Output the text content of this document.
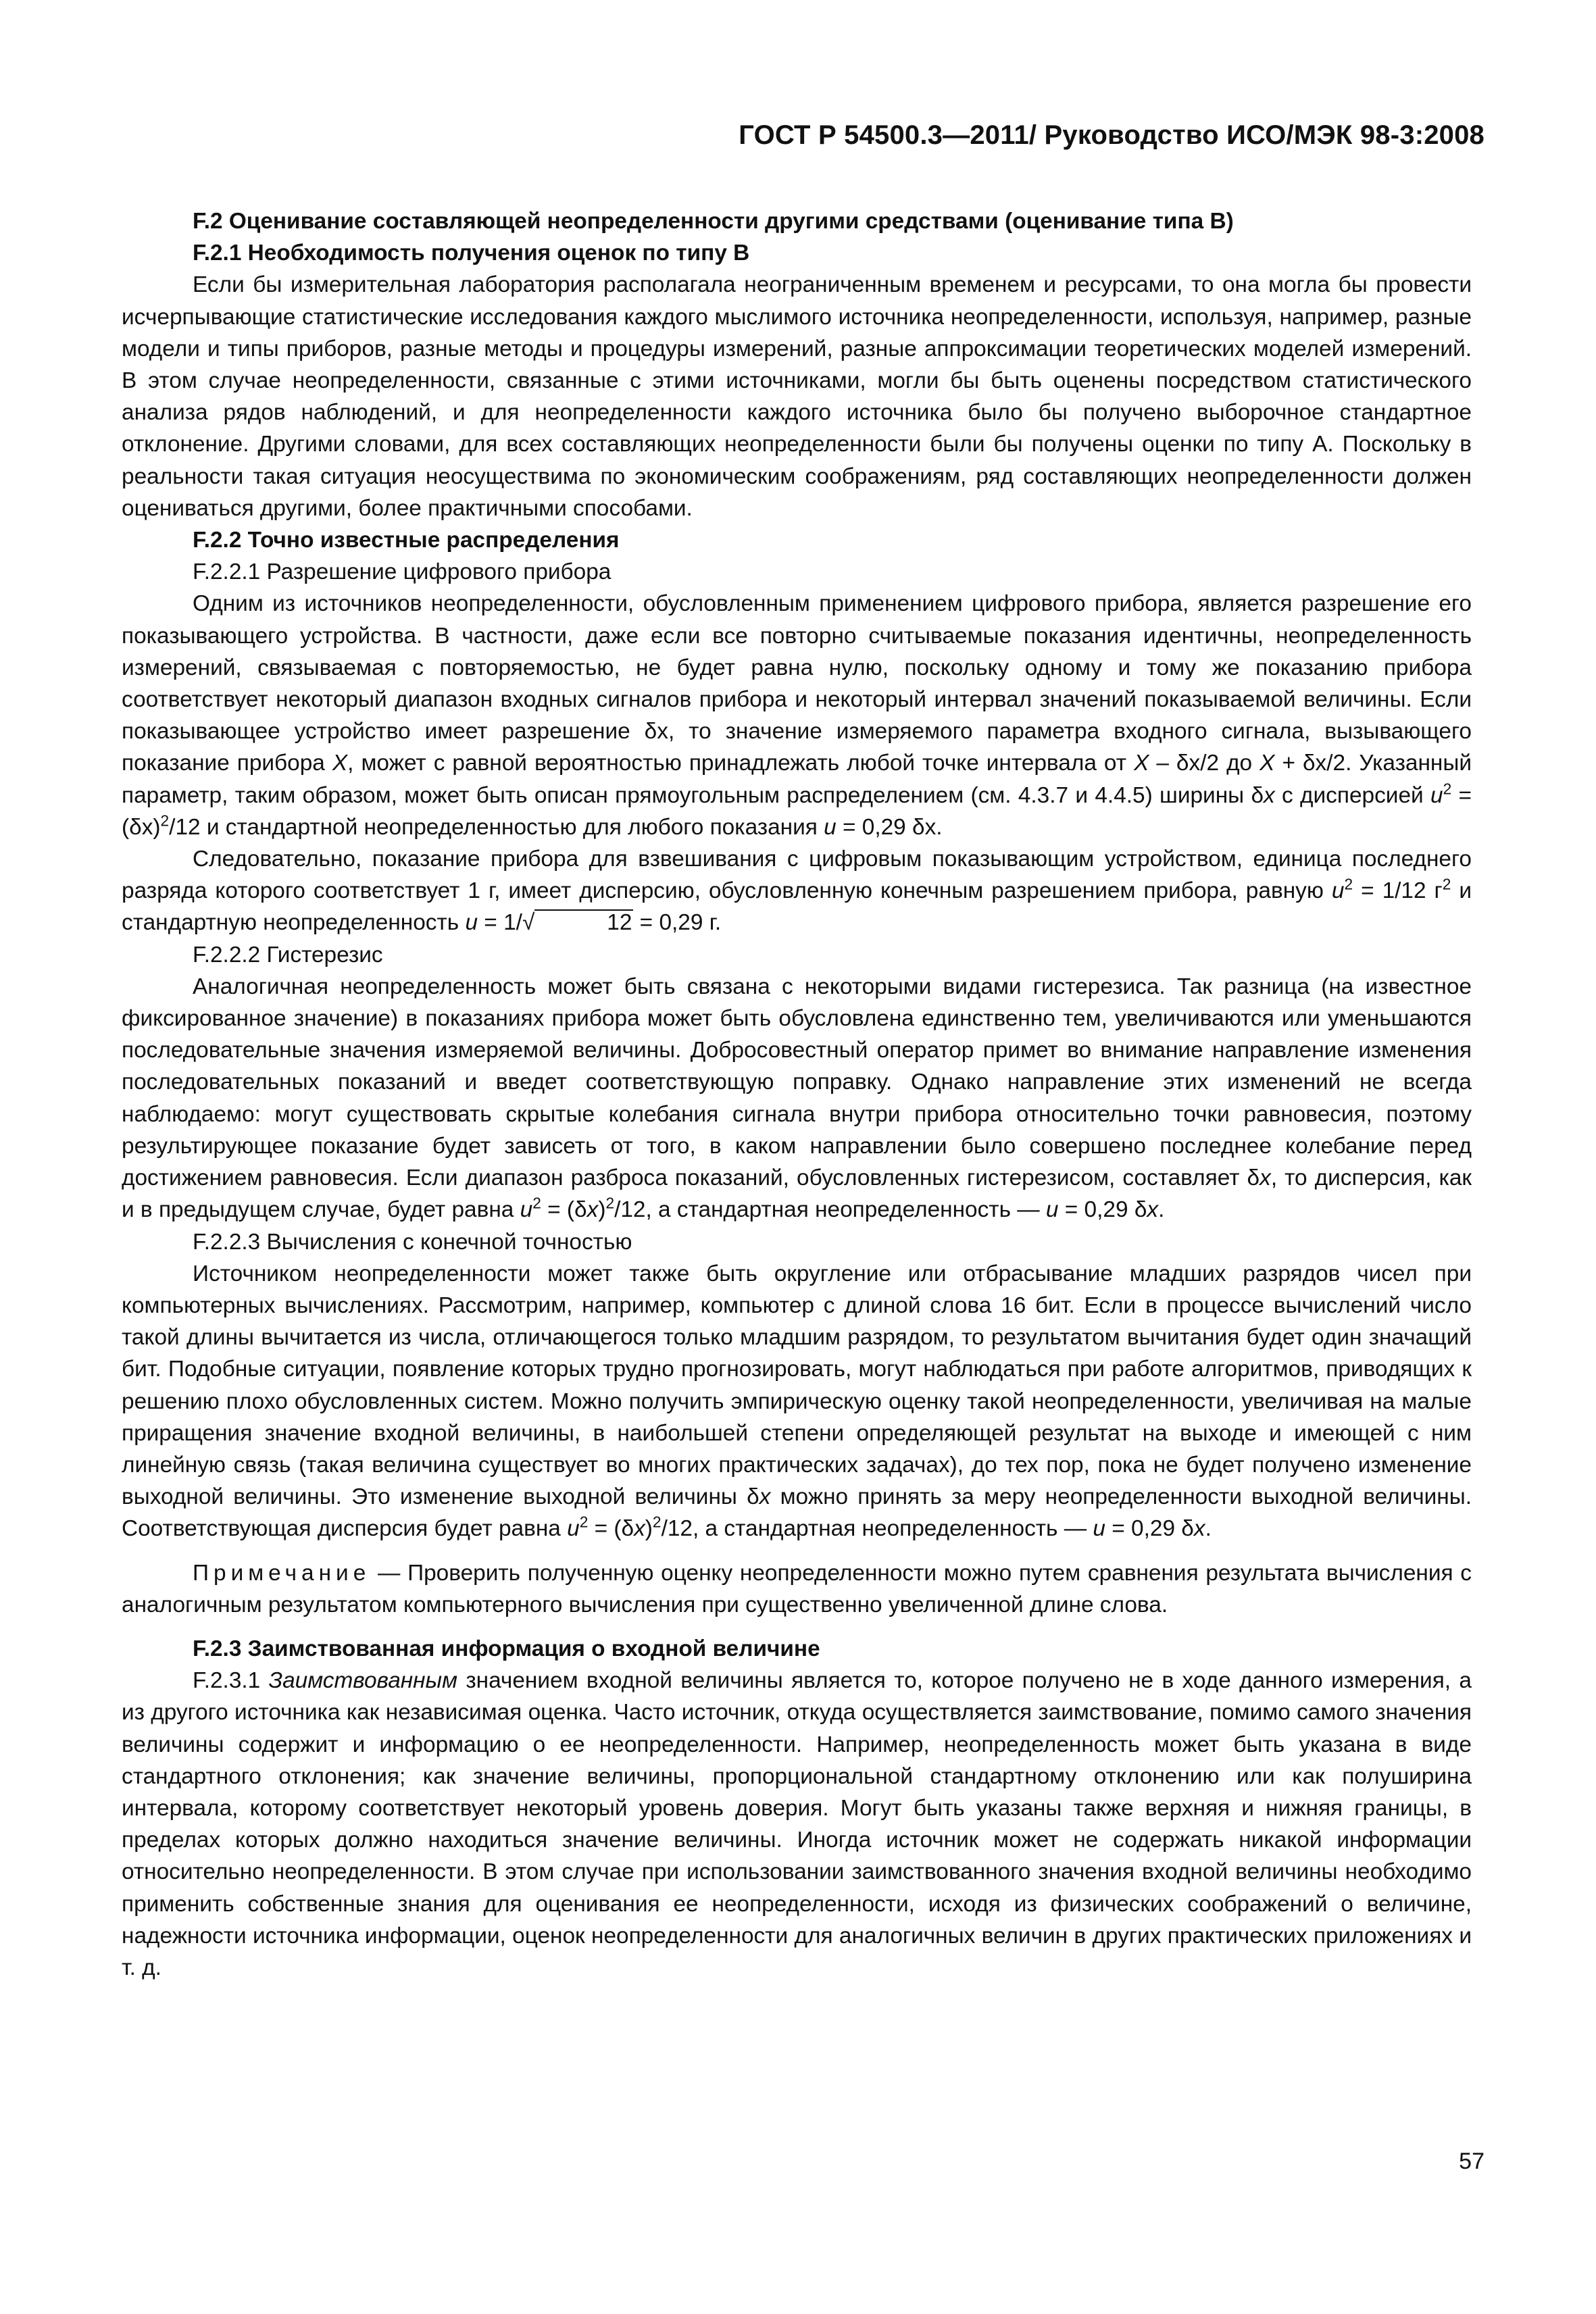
ГОСТ Р 54500.3—2011/ Руководство ИСО/МЭК 98-3:2008

F.2 Оценивание составляющей неопределенности другими средствами (оценивание типа В)

F.2.1 Необходимость получения оценок по типу В

Если бы измерительная лаборатория располагала неограниченным временем и ресурсами, то она могла бы провести исчерпывающие статистические исследования каждого мыслимого источника неопределенности, используя, например, разные модели и типы приборов, разные методы и процедуры измерений, разные аппроксимации теоретических моделей измерений. В этом случае неопределенности, связанные с этими источниками, могли бы быть оценены посредством статистического анализа рядов наблюдений, и для неопределенности каждого источника было бы получено выборочное стандартное отклонение. Другими словами, для всех составляющих неопределенности были бы получены оценки по типу А. Поскольку в реальности такая ситуация неосуществима по экономическим соображениям, ряд составляющих неопределенности должен оцениваться другими, более практичными способами.

F.2.2 Точно известные распределения

F.2.2.1 Разрешение цифрового прибора

Одним из источников неопределенности, обусловленным применением цифрового прибора, является разрешение его показывающего устройства. В частности, даже если все повторно считываемые показания идентичны, неопределенность измерений, связываемая с повторяемостью, не будет равна нулю, поскольку одному и тому же показанию прибора соответствует некоторый диапазон входных сигналов прибора и некоторый интервал значений показываемой величины. Если показывающее устройство имеет разрешение δx, то значение измеряемого параметра входного сигнала, вызывающего показание прибора X, может с равной вероятностью принадлежать любой точке интервала от X – δx/2 до X + δx/2. Указанный параметр, таким образом, может быть описан прямоугольным распределением (см. 4.3.7 и 4.4.5) ширины δx с дисперсией $u^2 = (\delta x)^2/12$ и стандартной неопределенностью для любого показания u = 0,29 δx.

Следовательно, показание прибора для взвешивания с цифровым показывающим устройством, единица последнего разряда которого соответствует 1 г, имеет дисперсию, обусловленную конечным разрешением прибора, равную $u^2 = 1/12$ $г^2$ и стандартную неопределенность u = 1/√	12 = 0,29 г.

F.2.2.2 Гистерезис

Аналогичная неопределенность может быть связана с некоторыми видами гистерезиса. Так разница (на известное фиксированное значение) в показаниях прибора может быть обусловлена единственно тем, увеличиваются или уменьшаются последовательные значения измеряемой величины. Добросовестный оператор примет во внимание направление изменения последовательных показаний и введет соответствующую поправку. Однако направление этих изменений не всегда наблюдаемо: могут существовать скрытые колебания сигнала внутри прибора относительно точки равновесия, поэтому результирующее показание будет зависеть от того, в каком направлении было совершено последнее колебание перед достижением равновесия. Если диапазон разброса показаний, обусловленных гистерезисом, составляет δx, то дисперсия, как и в предыдущем случае, будет равна $u^2 = (\delta x)^2/12$, а стандартная неопределенность — u = 0,29 δx.

F.2.2.3 Вычисления с конечной точностью

Источником неопределенности может также быть округление или отбрасывание младших разрядов чисел при компьютерных вычислениях. Рассмотрим, например, компьютер с длиной слова 16 бит. Если в процессе вычислений число такой длины вычитается из числа, отличающегося только младшим разрядом, то результатом вычитания будет один значащий бит. Подобные ситуации, появление которых трудно прогнозировать, могут наблюдаться при работе алгоритмов, приводящих к решению плохо обусловленных систем. Можно получить эмпирическую оценку такой неопределенности, увеличивая на малые приращения значение входной величины, в наибольшей степени определяющей результат на выходе и имеющей с ним линейную связь (такая величина существует во многих практических задачах), до тех пор, пока не будет получено изменение выходной величины. Это изменение выходной величины δx можно принять за меру неопределенности выходной величины. Соответствующая дисперсия будет равна $u^2 = (\delta x)^2/12$, а стандартная неопределенность — u = 0,29 δx.

Примечание — Проверить полученную оценку неопределенности можно путем сравнения результата вычисления с аналогичным результатом компьютерного вычисления при существенно увеличенной длине слова.

F.2.3 Заимствованная информация о входной величине

F.2.3.1 Заимствованным значением входной величины является то, которое получено не в ходе данного измерения, а из другого источника как независимая оценка. Часто источник, откуда осуществляется заимствование, помимо самого значения величины содержит и информацию о ее неопределенности. Например, неопределенность может быть указана в виде стандартного отклонения; как значение величины, пропорциональной стандартному отклонению или как полуширина интервала, которому соответствует некоторый уровень доверия. Могут быть указаны также верхняя и нижняя границы, в пределах которых должно находиться значение величины. Иногда источник может не содержать никакой информации относительно неопределенности. В этом случае при использовании заимствованного значения входной величины необходимо применить собственные знания для оценивания ее неопределенности, исходя из физических соображений о величине, надежности источника информации, оценок неопределенности для аналогичных величин в других практических приложениях и т. д.

57
